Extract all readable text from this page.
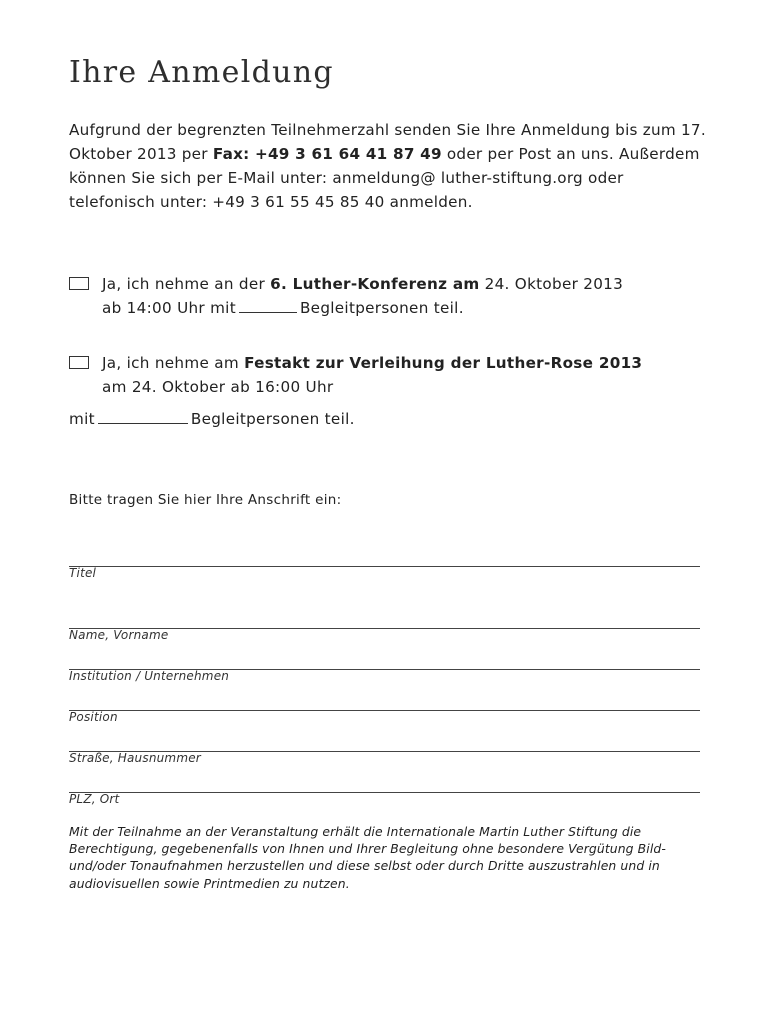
Ihre Anmeldung
Aufgrund der begrenzten Teilnehmerzahl senden Sie Ihre Anmeldung bis zum 17. Oktober 2013 per Fax: +49 3 61 64 41 87 49 oder per Post an uns. Außerdem können Sie sich per E-Mail unter: anmeldung@ luther-stiftung.org oder telefonisch unter: +49 3 61 55 45 85 40 anmelden.
Ja, ich nehme an der 6. Luther-Konferenz am 24. Oktober 2013
ab 14:00 Uhr mit	Begleitpersonen teil.
Ja, ich nehme am Festakt zur Verleihung der Luther-Rose 2013
am 24. Oktober ab 16:00 Uhr
mit	Begleitpersonen teil.
Bitte tragen Sie hier Ihre Anschrift ein:
Titel
Name, Vorname
Institution / Unternehmen
Position
Straße, Hausnummer
PLZ, Ort
Mit der Teilnahme an der Veranstaltung erhält die Internationale Martin Luther Stiftung die Berechtigung, gegebenenfalls von Ihnen und Ihrer Begleitung ohne besondere Vergütung Bild- und/oder Tonaufnahmen herzustellen und diese selbst oder durch Dritte auszustrahlen und in audiovisuellen sowie Printmedien zu nutzen.
